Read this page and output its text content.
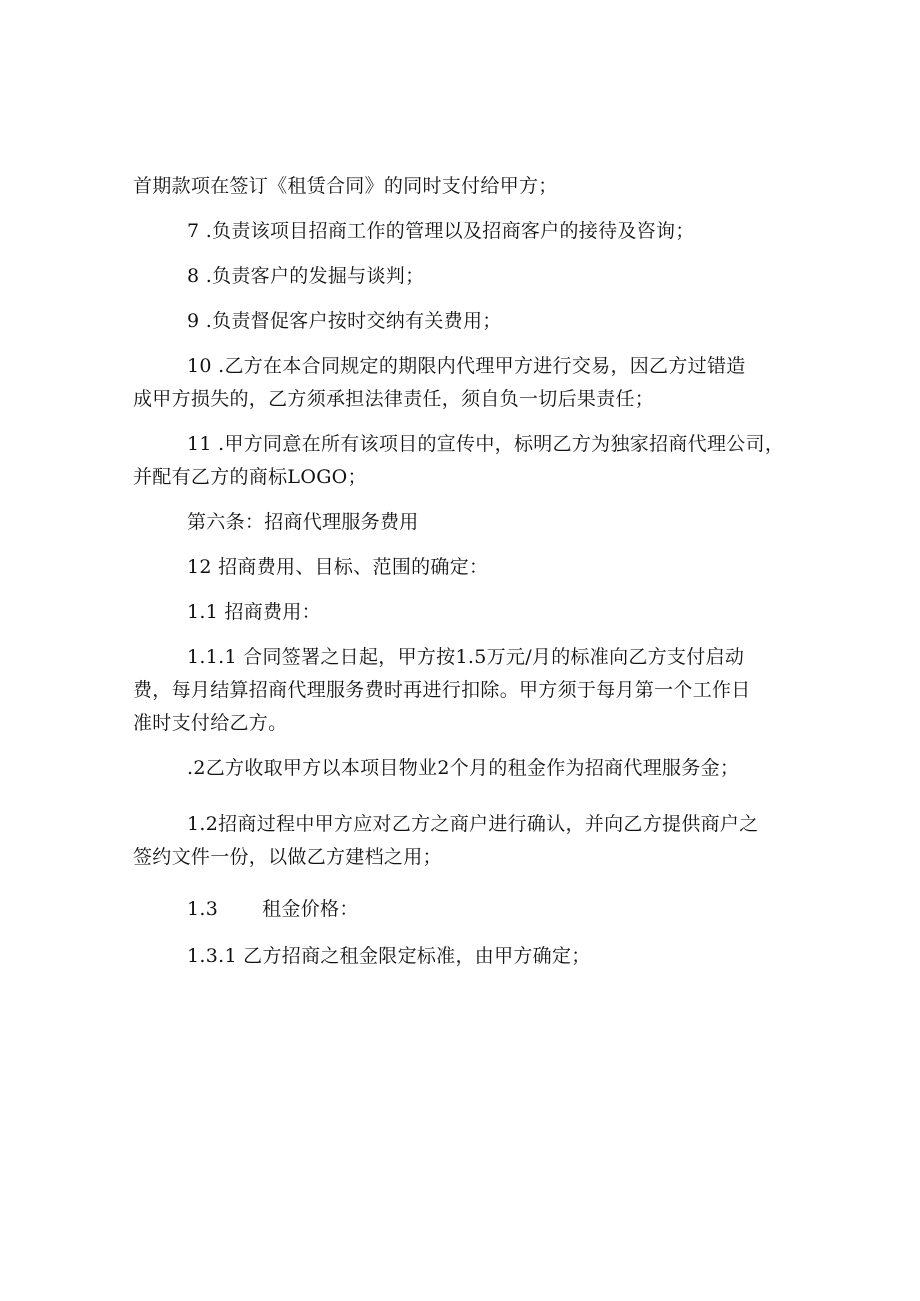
首期款项在签订《租赁合同》的同时支付给甲方；
7 .负责该项目招商工作的管理以及招商客户的接待及咨询；
8 .负责客户的发掘与谈判；
9 .负责督促客户按时交纳有关费用；
10 .乙方在本合同规定的期限内代理甲方进行交易，因乙方过错造
成甲方损失的，乙方须承担法律责任，须自负一切后果责任；
11 .甲方同意在所有该项目的宣传中，标明乙方为独家招商代理公司，
并配有乙方的商标LOGO；
第六条：招商代理服务费用
12 招商费用、目标、范围的确定：
1.1 招商费用：
1.1.1 合同签署之日起，甲方按1.5万元/月的标准向乙方支付启动
费，每月结算招商代理服务费时再进行扣除。甲方须于每月第一个工作日
准时支付给乙方。
.2乙方收取甲方以本项目物业2个月的租金作为招商代理服务金；
1.2招商过程中甲方应对乙方之商户进行确认，并向乙方提供商户之
签约文件一份，以做乙方建档之用；
1.3 租金价格：
1.3.1 乙方招商之租金限定标准，由甲方确定；
